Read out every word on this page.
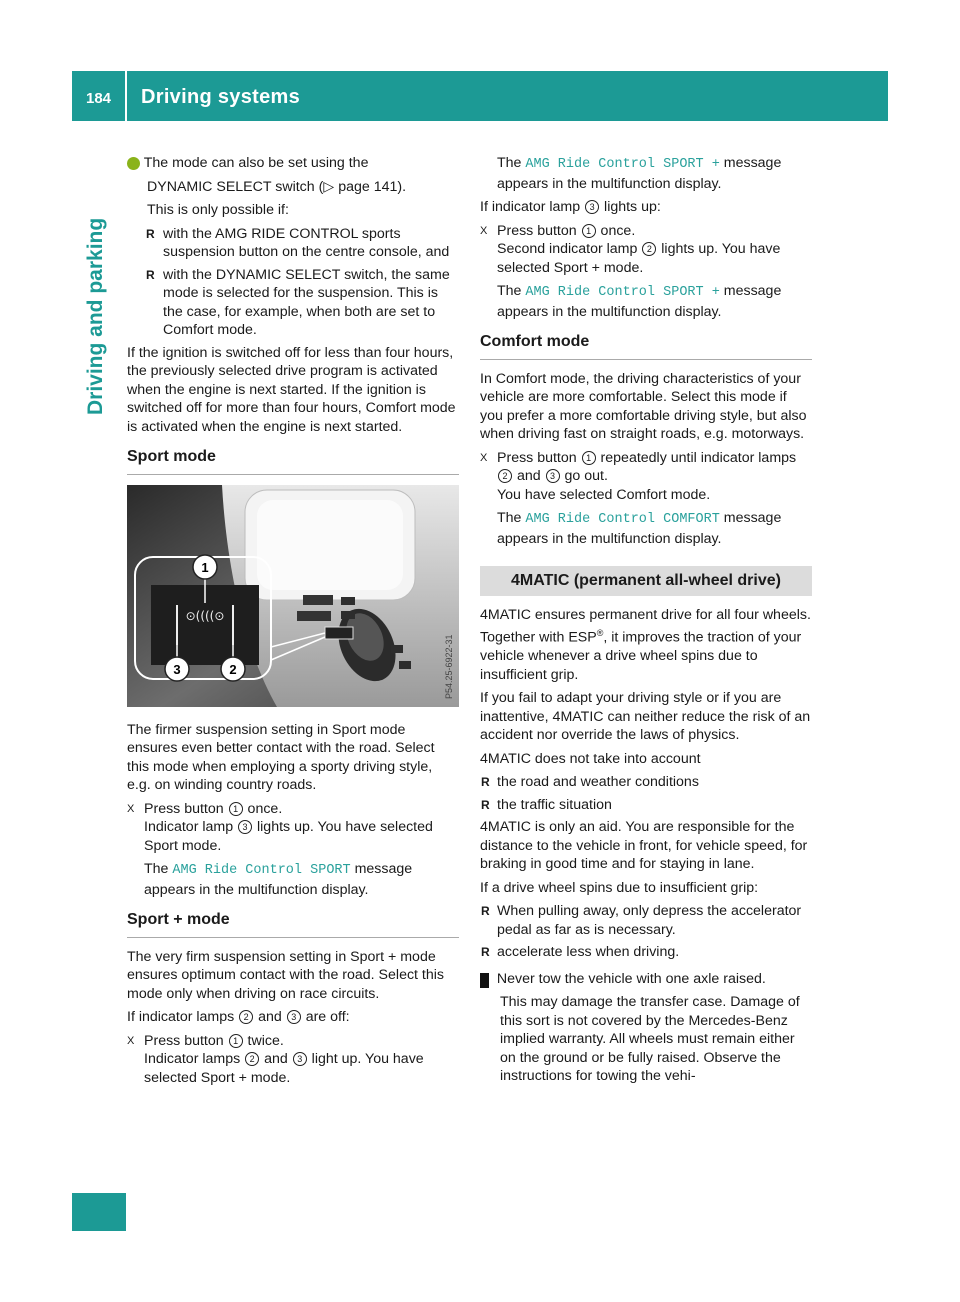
184 Driving systems
Driving and parking

i The mode can also be set using the

DYNAMIC SELECT switch (▷ page 141).

This is only possible if:

R with the AMG RIDE CONTROL sports suspension button on the centre console, and
R with the DYNAMIC SELECT switch, the same mode is selected for the suspension. This is the case, for example, when both are set to Comfort mode.

If the ignition is switched off for less than four hours, the previously selected drive program is activated when the engine is next started. If the ignition is switched off for more than four hours, Comfort mode is activated when the engine is next started.

Sport mode
⊙((((⊙
1
3	2	P54.25-6922-31

The firmer suspension setting in Sport mode ensures even better contact with the road. Select this mode when employing a sporty driving style, e.g. on winding country roads.

X Press button 1 once.
Indicator lamp 3 lights up. You have selected Sport mode.

The AMG Ride Control SPORT message appears in the multifunction display.

Sport + mode

The very firm suspension setting in Sport + mode ensures optimum contact with the road. Select this mode only when driving on race circuits.

If indicator lamps 2 and 3 are off:

X Press button 1 twice.
Indicator lamps 2 and 3 light up. You have selected Sport + mode.

The AMG Ride Control SPORT + message appears in the multifunction display.

If indicator lamp 3 lights up:

X Press button 1 once.
Second indicator lamp 2 lights up. You have selected Sport + mode.

The AMG Ride Control SPORT + message appears in the multifunction display.

Comfort mode

In Comfort mode, the driving characteristics of your vehicle are more comfortable. Select this mode if you prefer a more comfortable driving style, but also when driving fast on straight roads, e.g. motorways.

X Press button 1 repeatedly until indicator lamps 2 and 3 go out.
You have selected Comfort mode.

The AMG Ride Control COMFORT message appears in the multifunction display.

4MATIC (permanent all-wheel drive)

4MATIC ensures permanent drive for all four wheels. Together with ESP®, it improves the traction of your vehicle whenever a drive wheel spins due to insufficient grip.

If you fail to adapt your driving style or if you are inattentive, 4MATIC can neither reduce the risk of an accident nor override the laws of physics.

4MATIC does not take into account

R the road and weather conditions
R the traffic situation

4MATIC is only an aid. You are responsible for the distance to the vehicle in front, for vehicle speed, for braking in good time and for staying in lane.

If a drive wheel spins due to insufficient grip:

R When pulling away, only depress the accelerator pedal as far as is necessary.
R accelerate less when driving.

! Never tow the vehicle with one axle raised.

This may damage the transfer case. Damage of this sort is not covered by the Mercedes-Benz implied warranty. All wheels must remain either on the ground or be fully raised. Observe the instructions for towing the vehi-
